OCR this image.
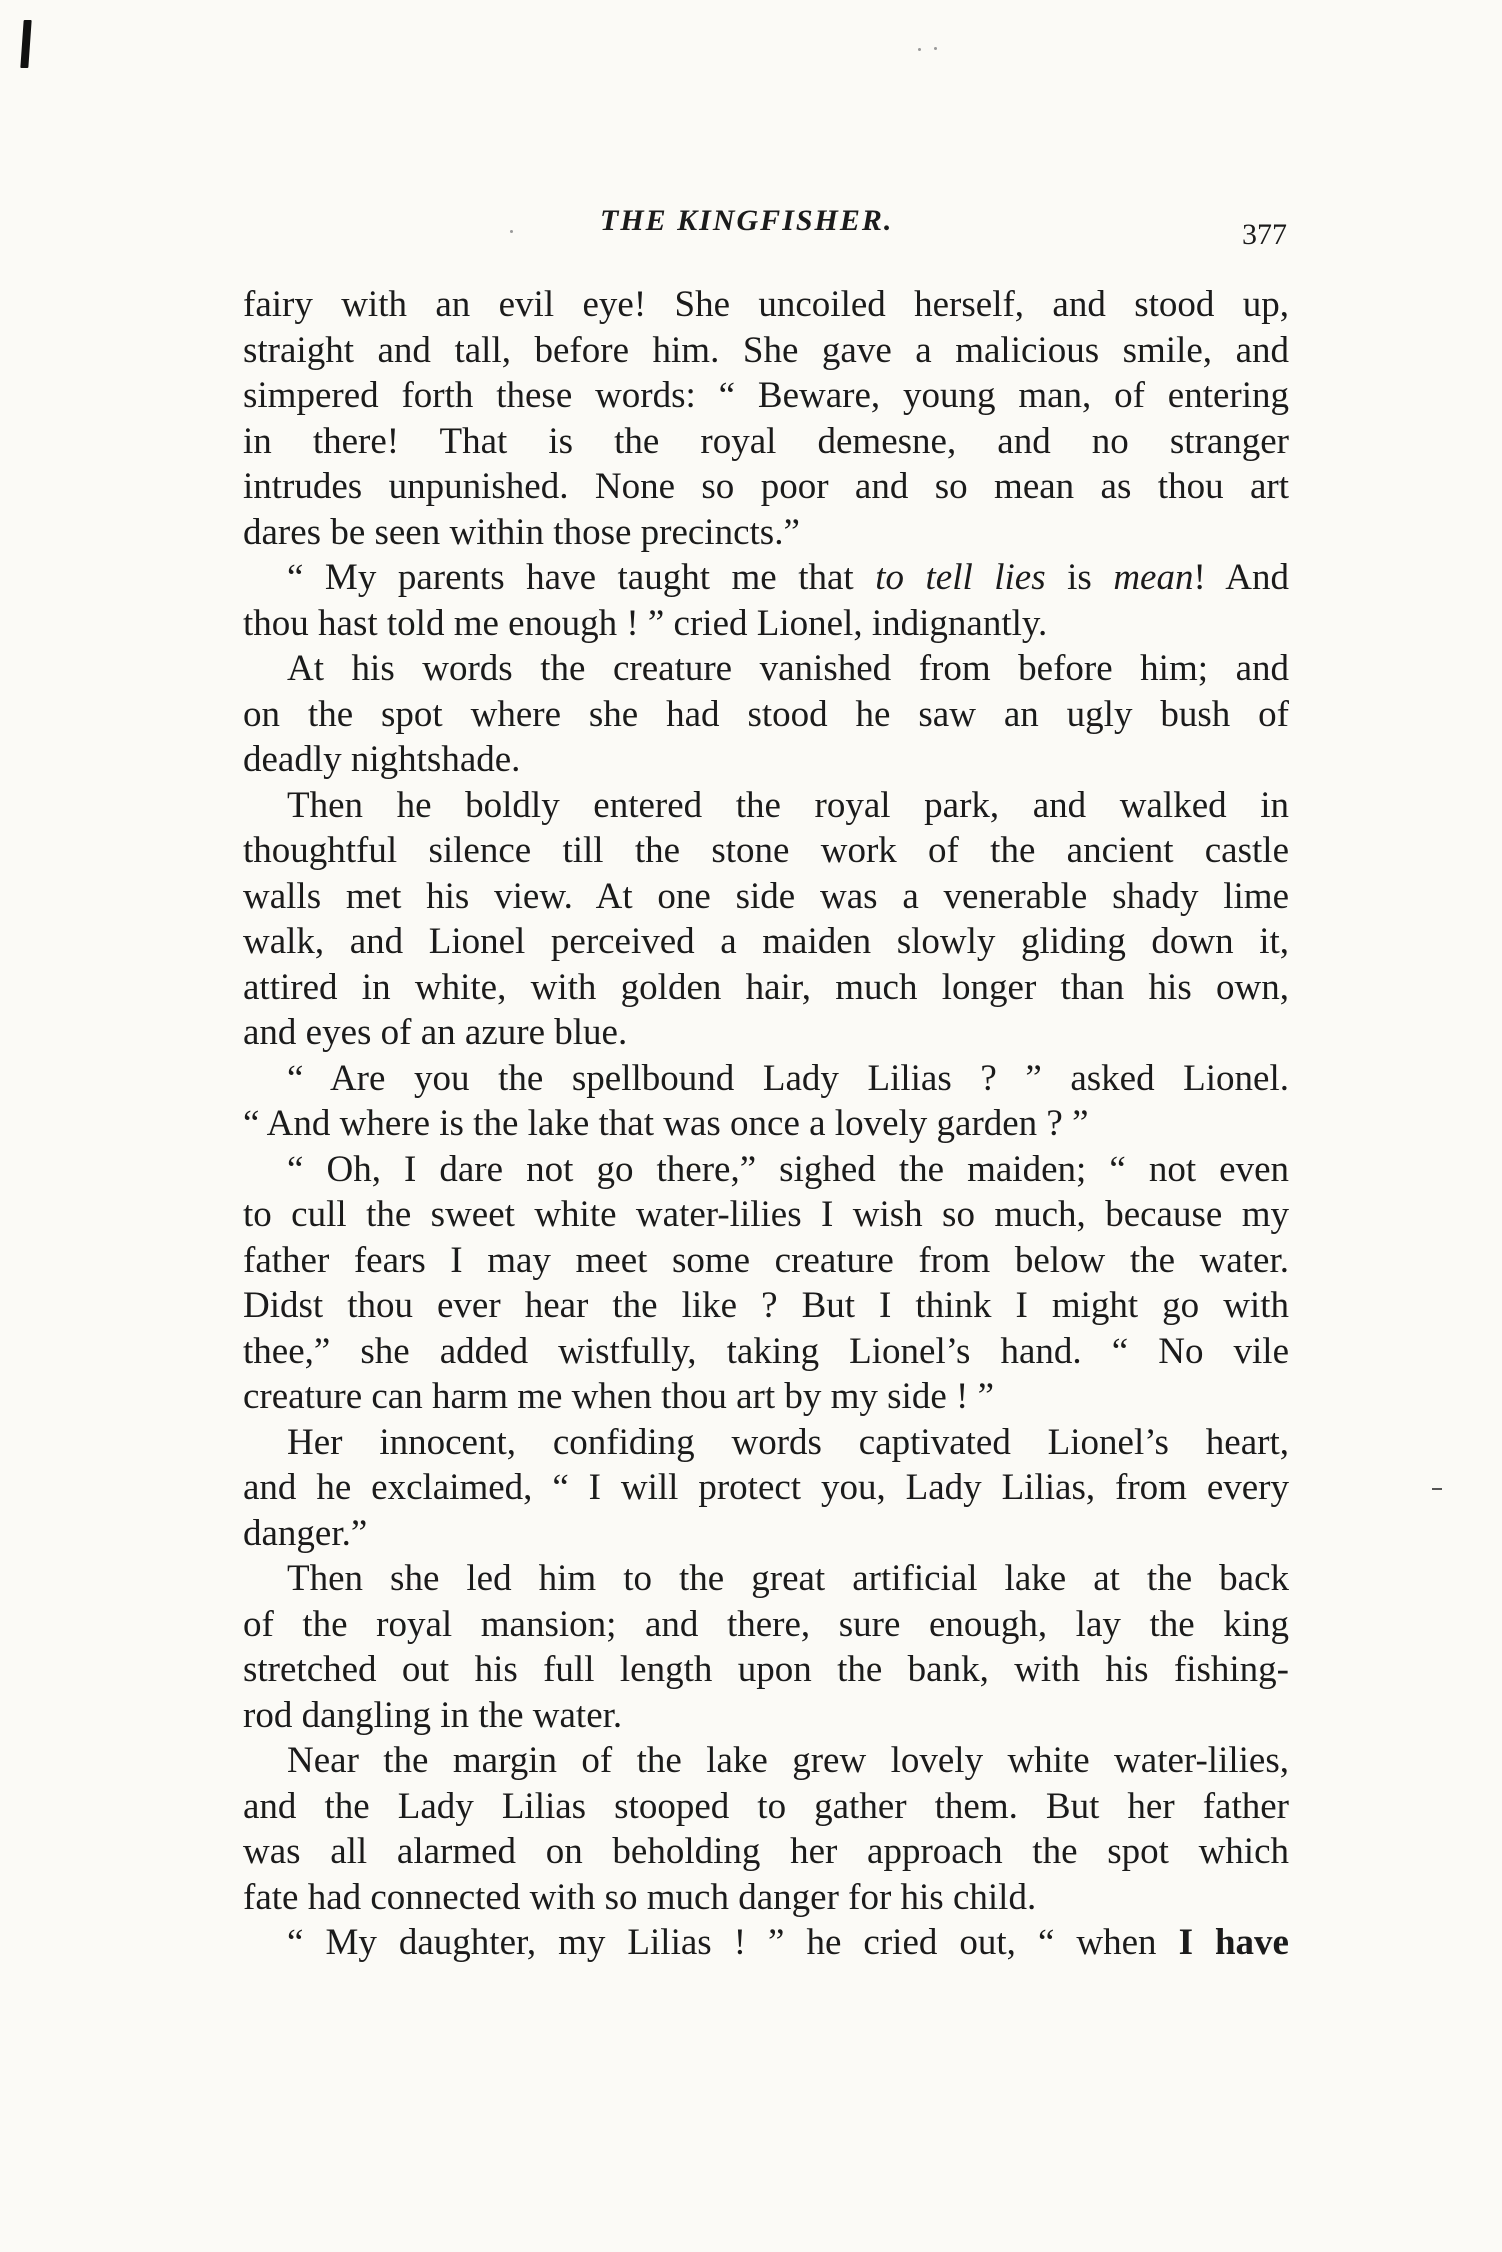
THE KINGFISHER.	377

fairy with an evil eye! She uncoiled herself, and stood up,
straight and tall, before him. She gave a malicious smile, and
simpered forth these words: “ Beware, young man, of entering
in there! That is the royal demesne, and no stranger
intrudes unpunished. None so poor and so mean as thou art
dares be seen within those precincts.”

“ My parents have taught me that to tell lies is mean! And
thou hast told me enough ! ” cried Lionel, indignantly.

At his words the creature vanished from before him; and
on the spot where she had stood he saw an ugly bush of
deadly nightshade.

Then he boldly entered the royal park, and walked in
thoughtful silence till the stone work of the ancient castle
walls met his view. At one side was a venerable shady lime
walk, and Lionel perceived a maiden slowly gliding down it,
attired in white, with golden hair, much longer than his own,
and eyes of an azure blue.

“ Are you the spellbound Lady Lilias ? ” asked Lionel.
“ And where is the lake that was once a lovely garden ? ”

“ Oh, I dare not go there,” sighed the maiden; “ not even
to cull the sweet white water-lilies I wish so much, because my
father fears I may meet some creature from below the water.
Didst thou ever hear the like ? But I think I might go with
thee,” she added wistfully, taking Lionel’s hand. “ No vile
creature can harm me when thou art by my side ! ”

Her innocent, confiding words captivated Lionel’s heart,
and he exclaimed, “ I will protect you, Lady Lilias, from every
danger.”

Then she led him to the great artificial lake at the back
of the royal mansion; and there, sure enough, lay the king
stretched out his full length upon the bank, with his fishing-
rod dangling in the water.

Near the margin of the lake grew lovely white water-lilies,
and the Lady Lilias stooped to gather them. But her father
was all alarmed on beholding her approach the spot which
fate had connected with so much danger for his child.

“ My daughter, my Lilias ! ” he cried out, “ when I have
